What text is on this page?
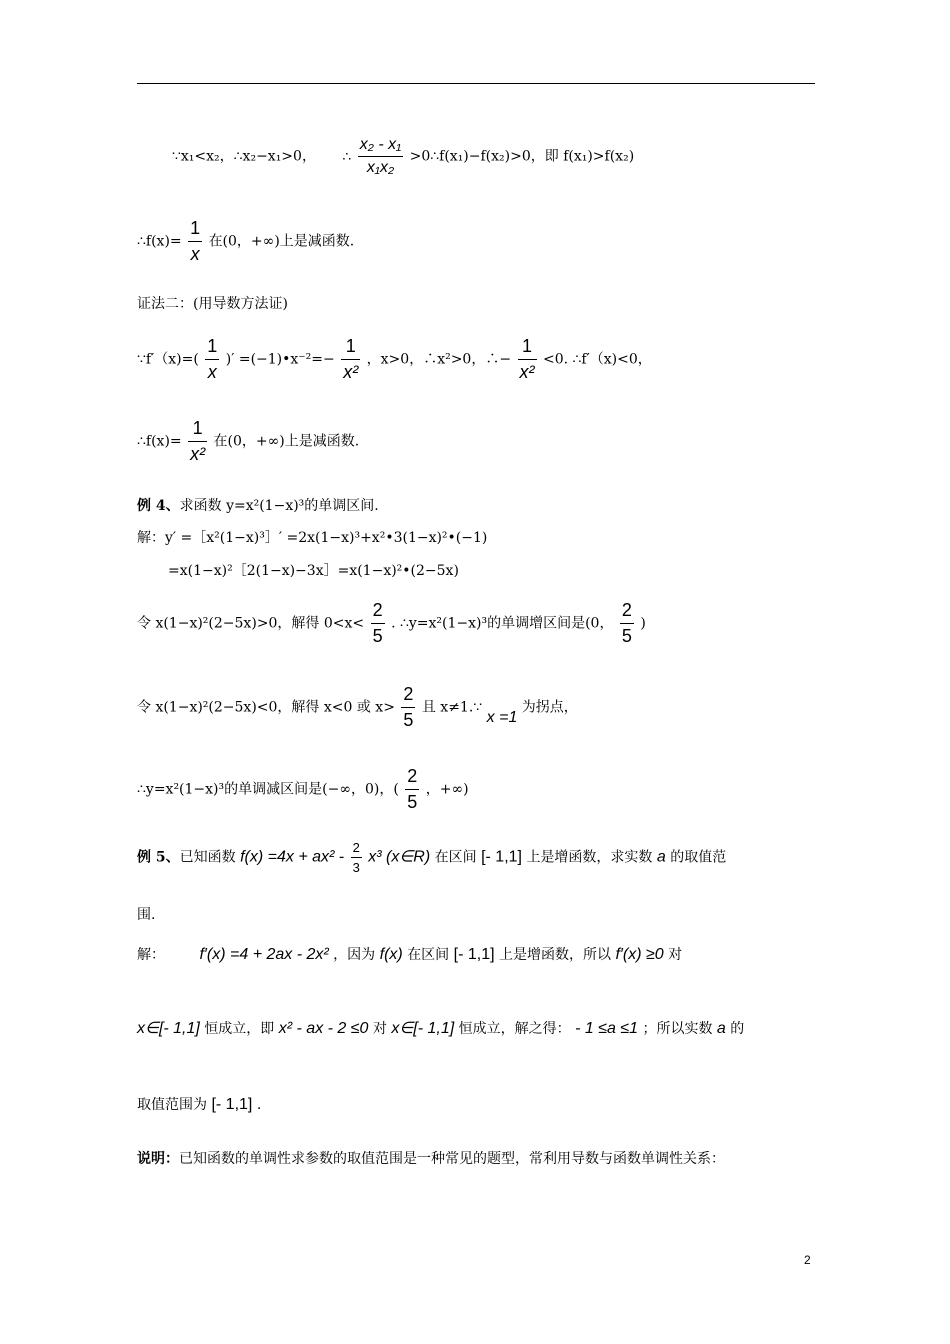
∵x₁<x₂，∴x₂−x₁>0， ∴ $\frac{\text{x₂ - x₁}}{\text{x₁x₂}}$ >0∴f(x₁)−f(x₂)>0，即 f(x₁)>f(x₂)
∴f(x)= $\frac{1}{x}$ 在(0，+∞)上是减函数.
证法二：(用导数方法证)
∵f′（x)=( $\frac{1}{x}$ )′ =(−1)•x⁻²=− $\frac{1}{\text{x²}}$ ，x>0，∴x²>0，∴− $\frac{1}{\text{x²}} <0$. ∴f′（x)<0，
∴f(x)= $\frac{1}{\text{x²}}$ 在(0，+∞)上是减函数.
例 4、求函数 y=x²(1−x)³的单调区间.
解：y′ =［x²(1−x)³］′ =2x(1−x)³+x²•3(1−x)²•(−1)
=x(1−x)²［2(1−x)−3x］=x(1−x)²•(2−5x)
令 x(1−x)²(2−5x)>0，解得 $0<x< \frac{2}{5}$ . ∴y=x²(1−x)³的单调增区间是(0， $\frac{2}{5}$ )
令 x(1−x)²(2−5x)<0，解得 x<0 或 $x> \frac{2}{5}$ 且 x≠1.∵ x =1 为拐点，
∴y=x²(1−x)³的单调减区间是(−∞，0)，( $\frac{2}{5}$ ，+∞)
例 5、已知函数 $f(x) =4x + ax^2 - \frac{2}{3} x^3$ (x∈R) 在区间 [- 1,1] 上是增函数，求实数 a 的取值范
围.
解： f′(x) =4 + 2ax - 2x² ，因为 f(x) 在区间 [- 1,1] 上是增函数，所以 f′(x) ≥0 对
x∈[- 1,1] 恒成立，即 x² - ax - 2 ≤0 对 x∈[- 1,1] 恒成立，解之得： - 1 ≤a ≤1 ；所以实数 a 的
取值范围为 [- 1,1] .
说明：已知函数的单调性求参数的取值范围是一种常见的题型，常利用导数与函数单调性关系：
2
